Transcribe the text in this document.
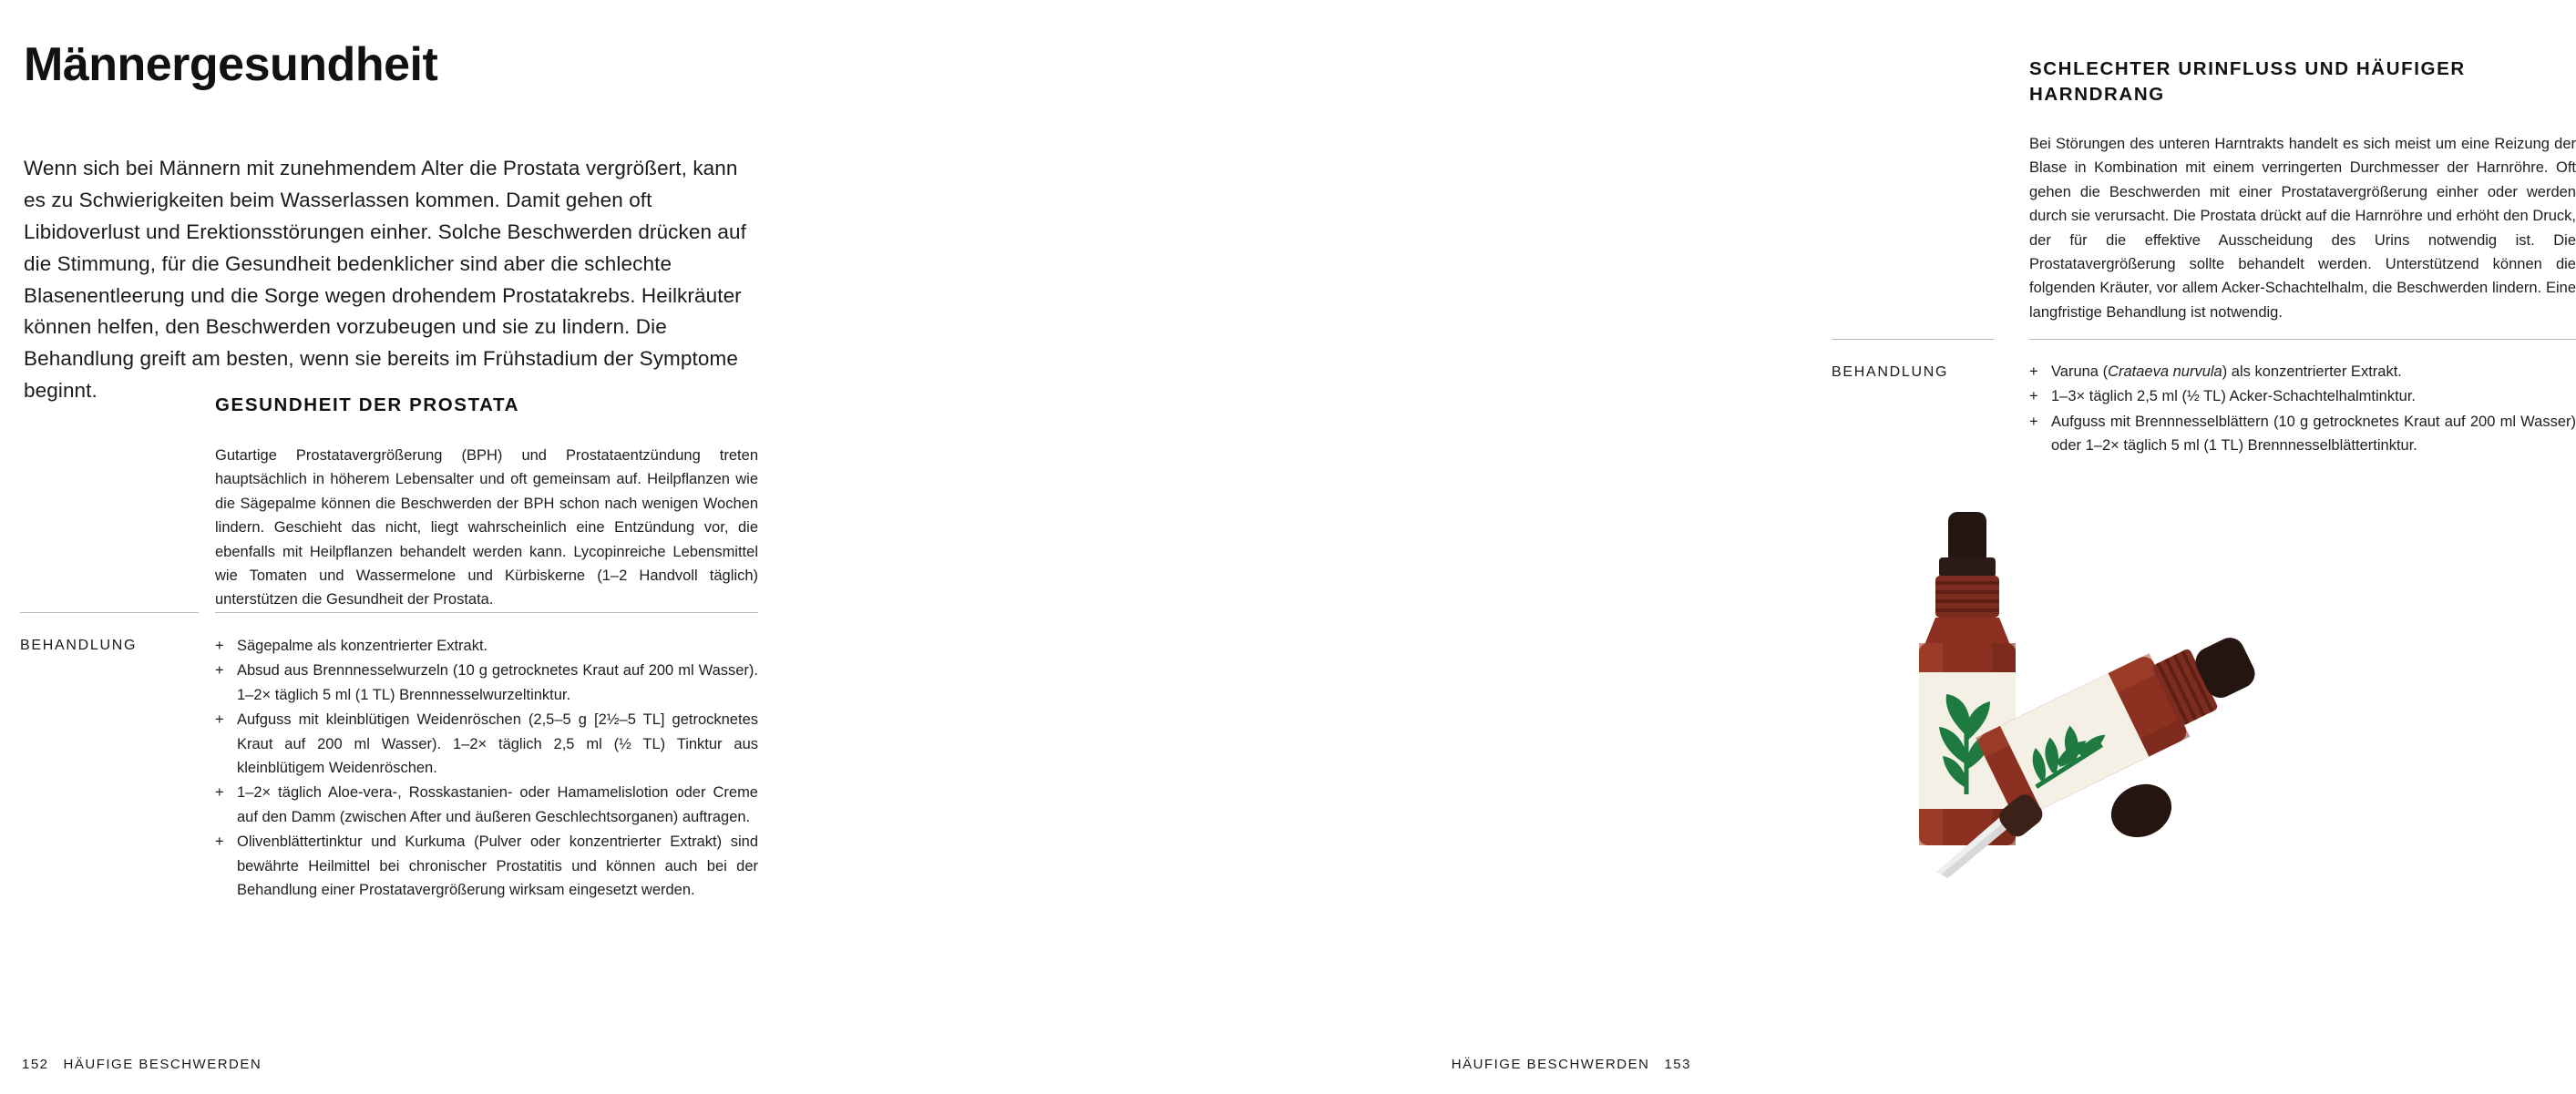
Männergesundheit
Wenn sich bei Männern mit zunehmendem Alter die Prostata vergrößert, kann es zu Schwierigkeiten beim Wasserlassen kommen. Damit gehen oft Libidoverlust und Erektionsstörungen einher. Solche Beschwerden drücken auf die Stimmung, für die Gesundheit bedenklicher sind aber die schlechte Blasenentleerung und die Sorge wegen drohendem Prostatakrebs. Heilkräuter können helfen, den Beschwerden vorzubeugen und sie zu lindern. Die Behandlung greift am besten, wenn sie bereits im Frühstadium der Symptome beginnt.
GESUNDHEIT DER PROSTATA
Gutartige Prostatavergrößerung (BPH) und Prostataentzündung treten hauptsächlich in höherem Lebensalter und oft gemeinsam auf. Heilpflanzen wie die Sägepalme können die Beschwerden der BPH schon nach wenigen Wochen lindern. Geschieht das nicht, liegt wahrscheinlich eine Entzündung vor, die ebenfalls mit Heilpflanzen behandelt werden kann. Lycopinreiche Lebensmittel wie Tomaten und Wassermelone und Kürbiskerne (1–2 Handvoll täglich) unterstützen die Gesundheit der Prostata.
BEHANDLUNG	+ Sägepalme als konzentrierter Extrakt.
+ Absud aus Brennnesselwurzeln (10 g getrocknetes Kraut auf 200 ml Wasser). 1–2× täglich 5 ml (1 TL) Brennnesselwurzeltinktur.
+ Aufguss mit kleinblütigen Weidenröschen (2,5–5 g [2½–5 TL] getrocknetes Kraut auf 200 ml Wasser). 1–2× täglich 2,5 ml (½ TL) Tinktur aus kleinblütigem Weidenröschen.
+ 1–2× täglich Aloe-vera-, Rosskastanien- oder Hamamelislotion oder Creme auf den Damm (zwischen After und äußeren Geschlechtsorganen) auftragen.
+ Olivenblättertinktur und Kurkuma (Pulver oder konzentrierter Extrakt) sind bewährte Heilmittel bei chronischer Prostatitis und können auch bei der Behandlung einer Prostatavergrößerung wirksam eingesetzt werden.
152 HÄUFIGE BESCHWERDEN
SCHLECHTER URINFLUSS UND HÄUFIGER HARNDRANG
Bei Störungen des unteren Harntrakts handelt es sich meist um eine Reizung der Blase in Kombination mit einem verringerten Durchmesser der Harnröhre. Oft gehen die Beschwerden mit einer Prostatavergrößerung einher oder werden durch sie verursacht. Die Prostata drückt auf die Harnröhre und erhöht den Druck, der für die effektive Ausscheidung des Urins notwendig ist. Die Prostatavergrößerung sollte behandelt werden. Unterstützend können die folgenden Kräuter, vor allem Acker-Schachtelhalm, die Beschwerden lindern. Eine langfristige Behandlung ist notwendig.
BEHANDLUNG	+ Varuna (Crataeva nurvula) als konzentrierter Extrakt.
+ 1–3× täglich 2,5 ml (½ TL) Acker-Schachtelhalmtinktur.
+ Aufguss mit Brennnesselblättern (10 g getrocknetes Kraut auf 200 ml Wasser) oder 1–2× täglich 5 ml (1 TL) Brennnesselblättertinktur.
HÄUFIGE BESCHWERDEN 153
